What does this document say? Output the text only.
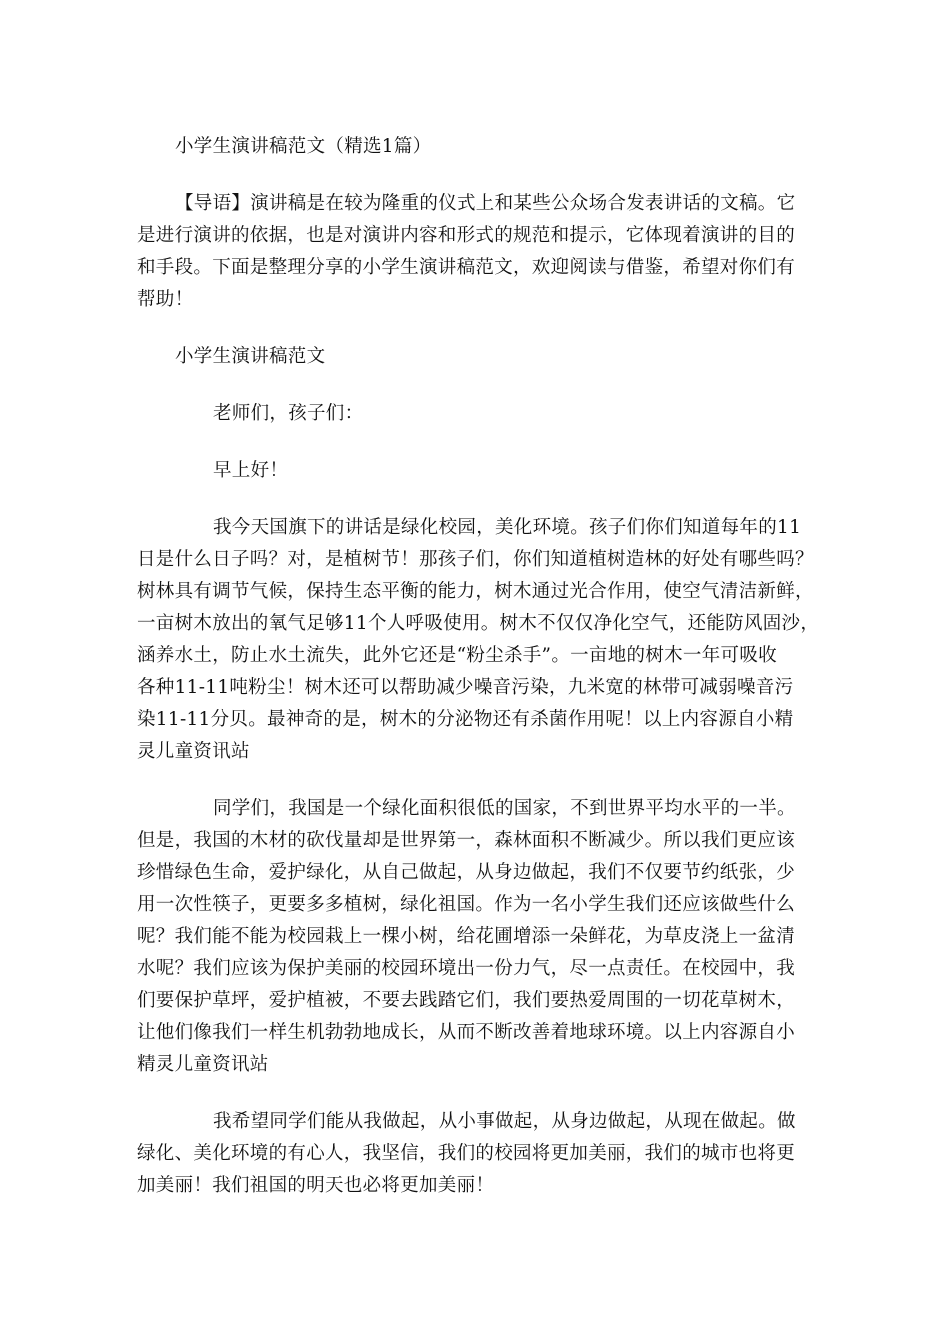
小学生演讲稿范文（精选1篇）
【导语】演讲稿是在较为隆重的仪式上和某些公众场合发表讲话的文稿。它
是进行演讲的依据，也是对演讲内容和形式的规范和提示，它体现着演讲的目的
和手段。下面是整理分享的小学生演讲稿范文，欢迎阅读与借鉴，希望对你们有
帮助！
小学生演讲稿范文
老师们，孩子们：
早上好！
我今天国旗下的讲话是绿化校园，美化环境。孩子们你们知道每年的11
日是什么日子吗？对，是植树节！那孩子们，你们知道植树造林的好处有哪些吗？
树林具有调节气候，保持生态平衡的能力，树木通过光合作用，使空气清洁新鲜，
一亩树木放出的氧气足够11个人呼吸使用。树木不仅仅净化空气，还能防风固沙，
涵养水土，防止水土流失，此外它还是“粉尘杀手”。一亩地的树木一年可吸收
各种11-11吨粉尘！树木还可以帮助减少噪音污染，九米宽的林带可减弱噪音污
染11-11分贝。最神奇的是，树木的分泌物还有杀菌作用呢！以上内容源自小精
灵儿童资讯站
同学们，我国是一个绿化面积很低的国家，不到世界平均水平的一半。
但是，我国的木材的砍伐量却是世界第一，森林面积不断减少。所以我们更应该
珍惜绿色生命，爱护绿化，从自己做起，从身边做起，我们不仅要节约纸张，少
用一次性筷子，更要多多植树，绿化祖国。作为一名小学生我们还应该做些什么
呢？我们能不能为校园栽上一棵小树，给花圃增添一朵鲜花，为草皮浇上一盆清
水呢？我们应该为保护美丽的校园环境出一份力气，尽一点责任。在校园中，我
们要保护草坪，爱护植被，不要去践踏它们，我们要热爱周围的一切花草树木，
让他们像我们一样生机勃勃地成长，从而不断改善着地球环境。以上内容源自小
精灵儿童资讯站
我希望同学们能从我做起，从小事做起，从身边做起，从现在做起。做
绿化、美化环境的有心人，我坚信，我们的校园将更加美丽，我们的城市也将更
加美丽！我们祖国的明天也必将更加美丽！
